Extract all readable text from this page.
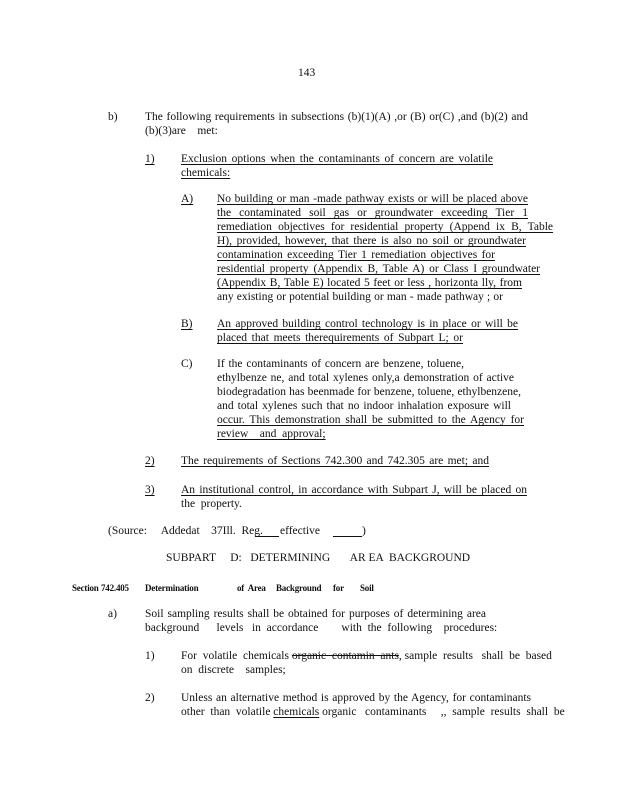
143
b) The following requirements in subsections (b)(1)(A) ,or (B) or(C) ,and (b)(2) and
(b)(3)are    met:
1) Exclusion options when the contaminants of concern are volatile
chemicals:
A) No building or man -made pathway exists or will be placed above
the contaminated soil gas or groundwater exceeding Tier 1
remediation objectives for residential property (Append ix B, Table
H), provided, however, that there is also no soil or groundwater
contamination exceeding Tier 1 remediation objectives for
residential property (Appendix B, Table A) or Class I groundwater
(Appendix B, Table E) located 5 feet or less , horizonta lly, from
any existing or potential building or man - made pathway ; or
B) An approved building control technology is in place or will be
placed that meets therequirements of Subpart L; or
C) If the contaminants of concern are benzene, toluene,
ethylbenze ne, and total xylenes only,a demonstration of active
biodegradation has beenmade for benzene, toluene, ethylbenzene,
and total xylenes such that no indoor inhalation exposure will
occur. This demonstration shall be submitted to the Agency for
review    and  approval;
2) The requirements of Sections 742.300 and 742.305 are met; and
3) An institutional control, in accordance with Subpart J, will be placed on
the  property.
(Source:     Addedat    37Ill.  Reg. effective	)
SUBPART     D:   DETERMINING       AR EA  BACKGROUND
Section 742.405 Determination	of  Area Background for Soil
a) Soil sampling results shall be obtained for purposes of determining area
background      levels   in  accordance        with  the  following    procedures:
1) For  volatile  chemicals organic  contamin  ants, sample  results   shall  be  based
on  discrete    samples;
2) Unless an alternative method is approved by the Agency, for contaminants
other  than  volatile chemicals organic   contaminants     ,,  sample  results  shall  be
